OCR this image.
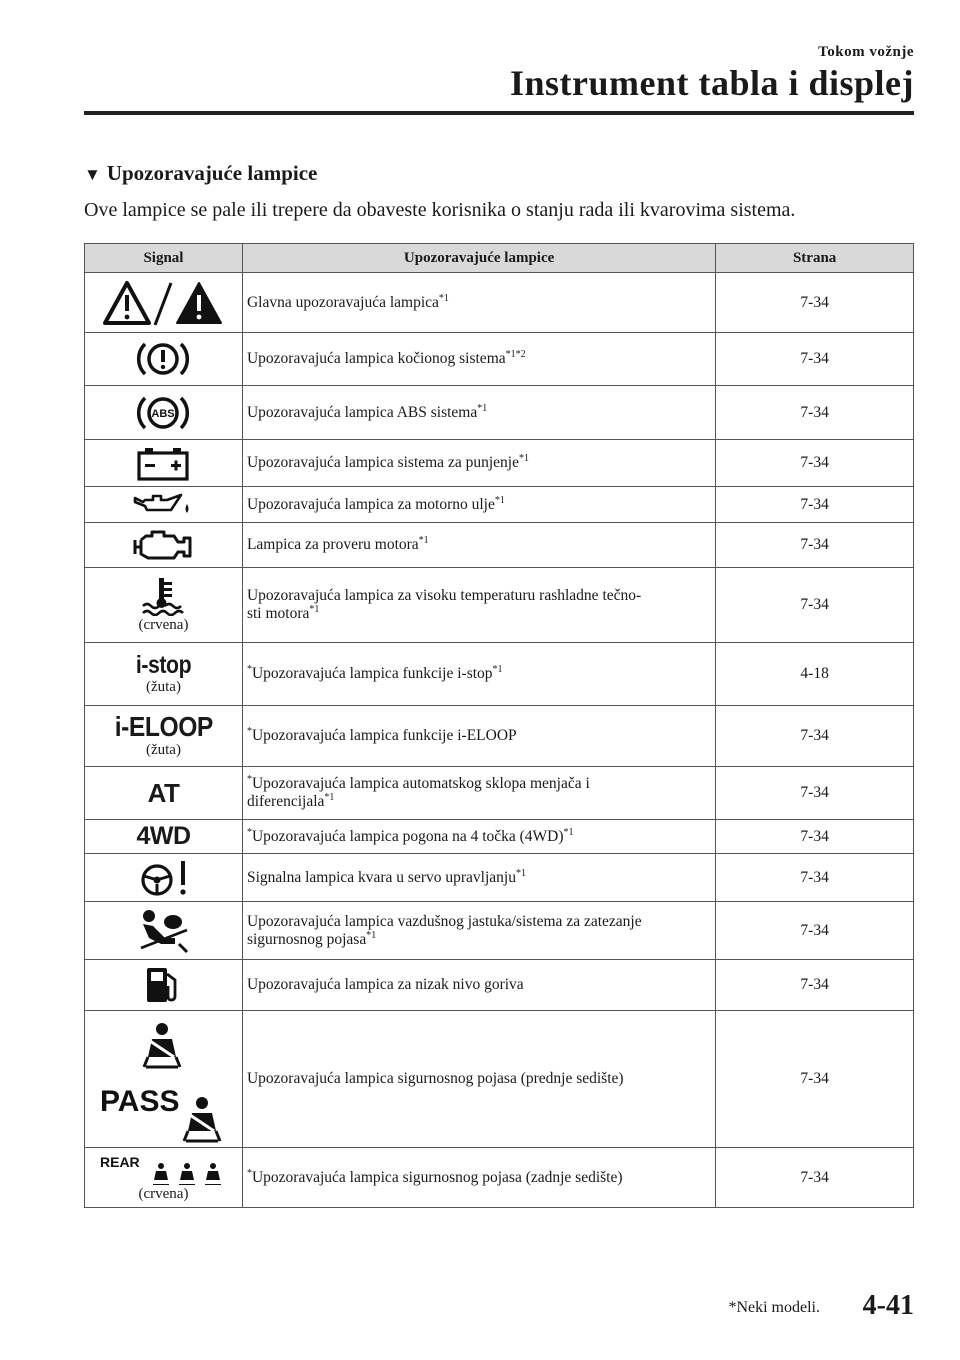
Tokom vožnje
Instrument tabla i displej
▼ Upozoravajuće lampice
Ove lampice se pale ili trepere da obaveste korisnika o stanju rada ili kvarovima sistema.
Signal	Upozoravajuće lampice	Strana

	Glavna upozoravajuća lampica$^{*1}$	7-34

	Upozoravajuća lampica kočionog sistema$^{*1*2}$	7-34

ABS	Upozoravajuća lampica ABS sistema$^{*1}$	7-34

	Upozoravajuća lampica sistema za punjenje$^{*1}$	7-34

	Upozoravajuća lampica za motorno ulje$^{*1}$	7-34

	Lampica za proveru motora$^{*1}$	7-34

(crvena)	Upozoravajuća lampica za visoku temperaturu rashladne tečno-
sti motora$^{*1}$	7-34

i-stop
(žuta)	*Upozoravajuća lampica funkcije i-stop$^{*1}$	4-18

i-ELOOP
(žuta)	*Upozoravajuća lampica funkcije i-ELOOP	7-34

AT	*Upozoravajuća lampica automatskog sklopa menjača i
diferencijala$^{*1}$	7-34

4WD	*Upozoravajuća lampica pogona na 4 točka $(4WD)^{*1}$	7-34

	Signalna lampica kvara u servo upravljanju$^{*1}$	7-34

	Upozoravajuća lampica vazdušnog jastuka/sistema za zatezanje
sigurnosnog pojasa$^{*1}$	7-34

	Upozoravajuća lampica za nizak nivo goriva	7-34

PASS	Upozoravajuća lampica sigurnosnog pojasa (prednje sedište)	7-34

REAR
(crvena)	*Upozoravajuća lampica sigurnosnog pojasa (zadnje sedište)	7-34
*Neki modeli. 4-41
